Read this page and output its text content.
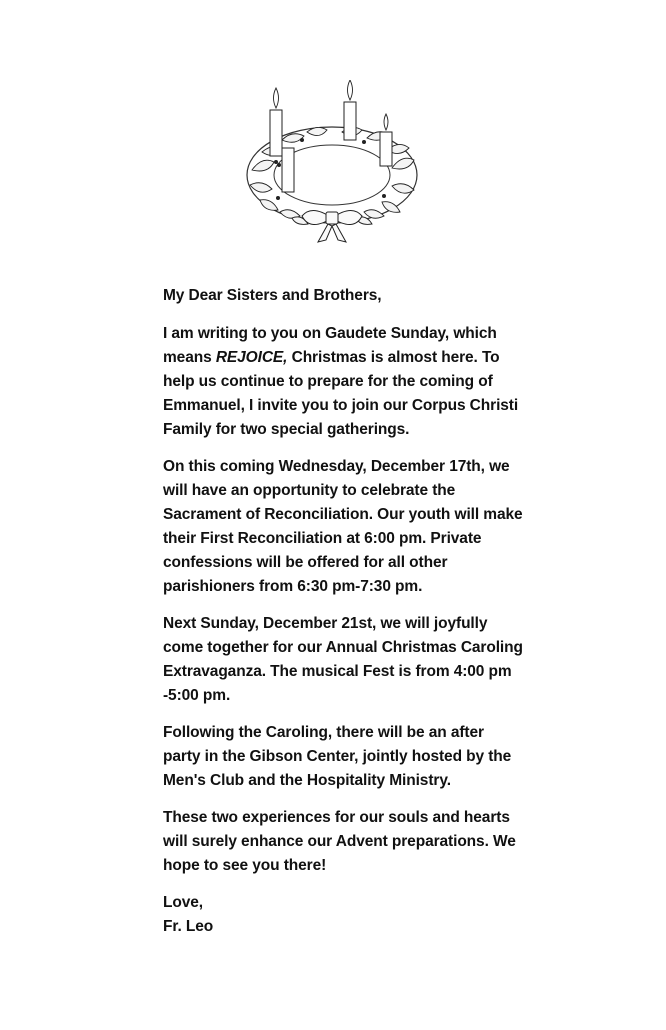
My Dear Sisters and Brothers,

I am writing to you on Gaudete Sunday, which means REJOICE, Christmas is almost here. To help us continue to prepare for the coming of Emmanuel, I invite you to join our Corpus Christi Family for two special gatherings.

On this coming Wednesday, December 17th, we will have an opportunity to celebrate the Sacrament of Reconciliation. Our youth will make their First Reconciliation at 6:00 pm. Private confessions will be offered for all other parishioners from 6:30 pm-7:30 pm.

Next Sunday, December 21st, we will joyfully come together for our Annual Christmas Caroling Extravaganza. The musical Fest is from 4:00 pm -5:00 pm.

Following the Caroling, there will be an after party in the Gibson Center, jointly hosted by the Men's Club and the Hospitality Ministry.

These two experiences for our souls and hearts will surely enhance our Advent preparations. We hope to see you there!

Love,

Fr. Leo
